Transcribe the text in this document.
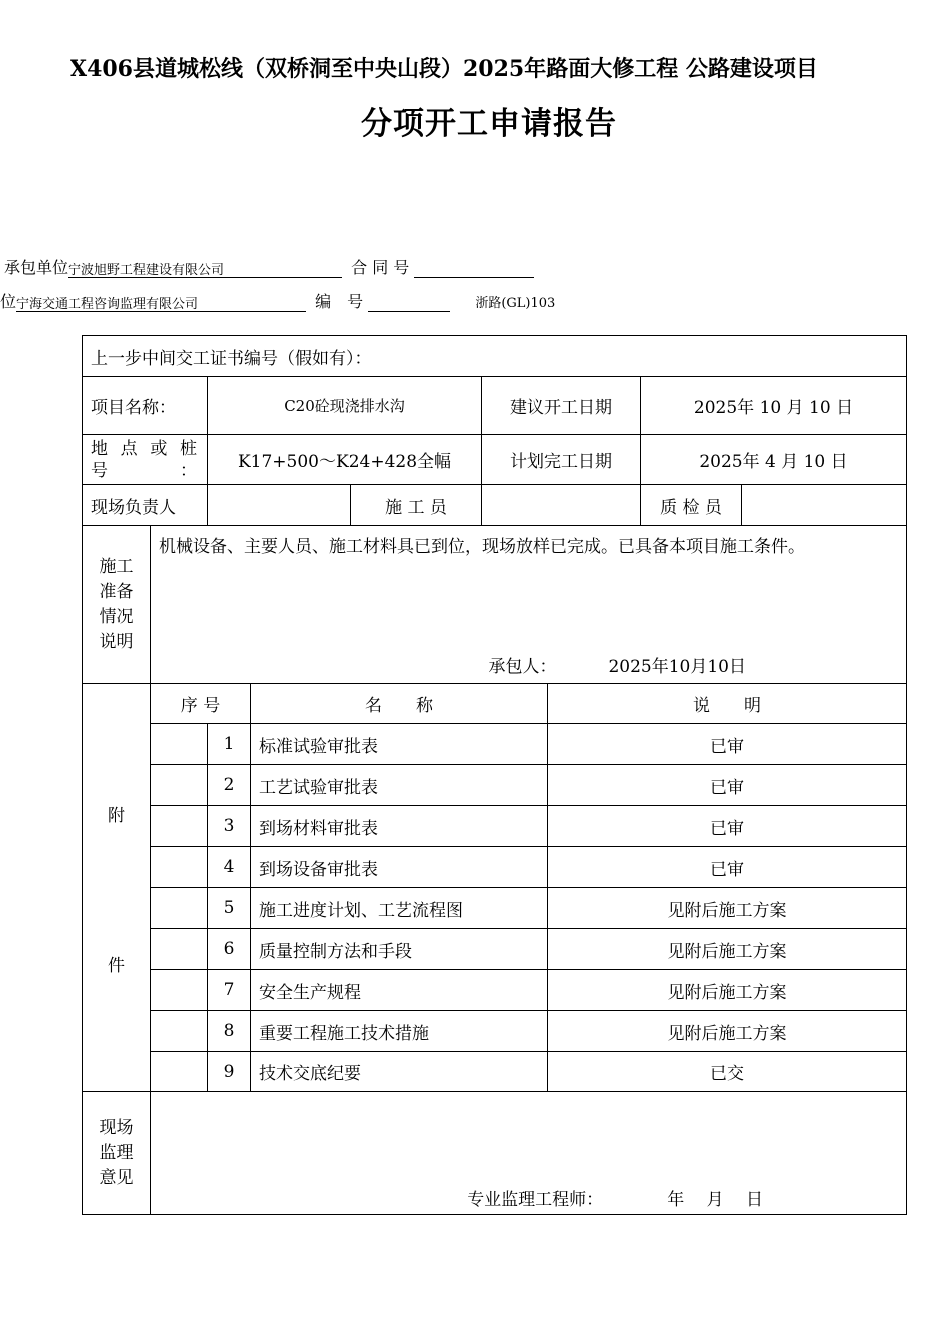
X406县道城松线（双桥洞至中央山段）2025年路面大修工程 公路建设项目
分项开工申请报告
承包单位宁波旭野工程建设有限公司	合 同 号
位宁海交通工程咨询监理有限公司	编　号	浙路(GL)103
上一步中间交工证书编号（假如有）：							
项目名称：		C20砼现浇排水沟			建议开工日期		2025年 10 月 10 日
地 点 或 桩号：		K17+500～K24+428全幅			计划完工日期		2025年 4 月 10 日
现场负责人				施 工 员			质 检 员

施工准备情况说明	机械设备、主要人员、施工材料具已到位，现场放样已完成。已具备本项目施工条件。
承包人： 2025年10月10日						

附
件	序 号		名　　称			说　　明	
		1	标准试验审批表			已审	
		2	工艺试验审批表			已审	
		3	到场材料审批表			已审	
		4	到场设备审批表			已审	
		5	施工进度计划、工艺流程图			见附后施工方案	
		6	质量控制方法和手段			见附后施工方案	
		7	安全生产规程			见附后施工方案	
		8	重要工程施工技术措施			见附后施工方案	
		9	技术交底纪要			已交	

现场监理意见	专业监理工程师： 年　 月　 日						
